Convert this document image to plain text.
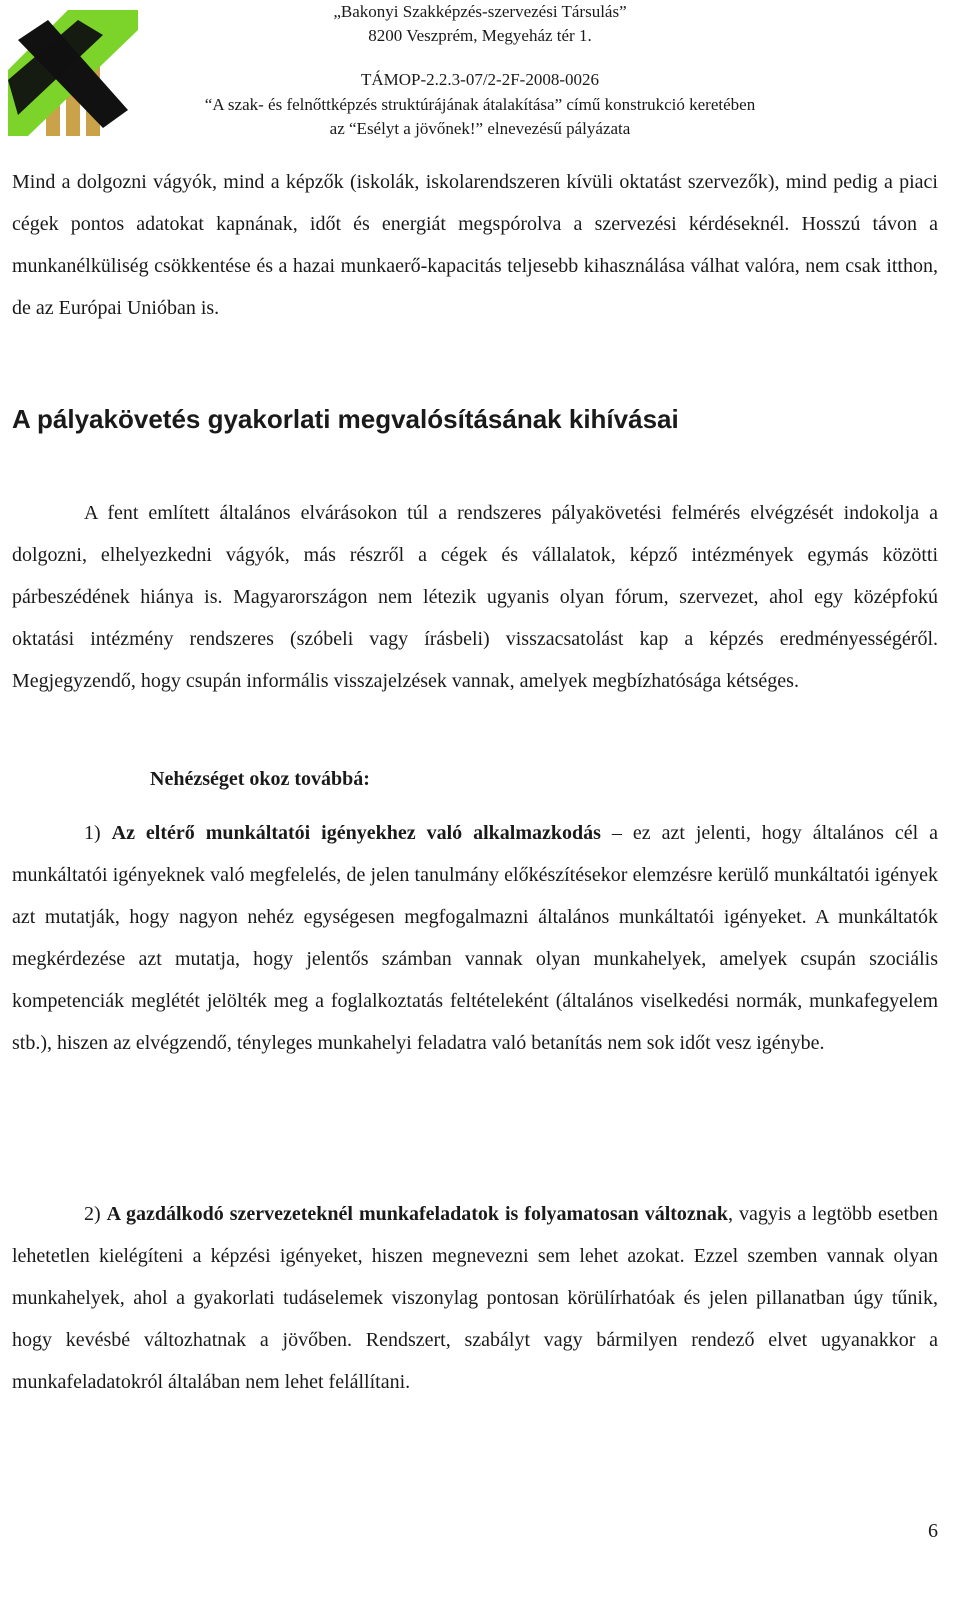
„Bakonyi Szakképzés-szervezési Társulás”
8200 Veszprém, Megyeház tér 1.
TÁMOP-2.2.3-07/2-2F-2008-0026
“A szak- és felnőttképzés struktúrájának átalakítása” című konstrukció keretében
az “Esélyt a jövőnek!” elnevezésű pályázata

Mind a dolgozni vágyók, mind a képzők (iskolák, iskolarendszeren kívüli oktatást szervezők), mind pedig a piaci cégek pontos adatokat kapnának, időt és energiát megspórolva a szervezési kérdéseknél. Hosszú távon a munkanélküliség csökkentése és a hazai munkaerő-kapacitás teljesebb kihasználása válhat valóra, nem csak itthon, de az Európai Unióban is.

A pályakövetés gyakorlati megvalósításának kihívásai

A fent említett általános elvárásokon túl a rendszeres pályakövetési felmérés elvégzését indokolja a dolgozni, elhelyezkedni vágyók, más részről a cégek és vállalatok, képző intézmények egymás közötti párbeszédének hiánya is. Magyarországon nem létezik ugyanis olyan fórum, szervezet, ahol egy középfokú oktatási intézmény rendszeres (szóbeli vagy írásbeli) visszacsatolást kap a képzés eredményességéről. Megjegyzendő, hogy csupán informális visszajelzések vannak, amelyek megbízhatósága kétséges.

Nehézséget okoz továbbá:

1) Az eltérő munkáltatói igényekhez való alkalmazkodás – ez azt jelenti, hogy általános cél a munkáltatói igényeknek való megfelelés, de jelen tanulmány előkészítésekor elemzésre kerülő munkáltatói igények azt mutatják, hogy nagyon nehéz egységesen megfogalmazni általános munkáltatói igényeket. A munkáltatók megkérdezése azt mutatja, hogy jelentős számban vannak olyan munkahelyek, amelyek csupán szociális kompetenciák meglétét jelölték meg a foglalkoztatás feltételeként (általános viselkedési normák, munkafegyelem stb.), hiszen az elvégzendő, tényleges munkahelyi feladatra való betanítás nem sok időt vesz igénybe.

2) A gazdálkodó szervezeteknél munkafeladatok is folyamatosan változnak, vagyis a legtöbb esetben lehetetlen kielégíteni a képzési igényeket, hiszen megnevezni sem lehet azokat. Ezzel szemben vannak olyan munkahelyek, ahol a gyakorlati tudáselemek viszonylag pontosan körülírhatóak és jelen pillanatban úgy tűnik, hogy kevésbé változhatnak a jövőben. Rendszert, szabályt vagy bármilyen rendező elvet ugyanakkor a munkafeladatokról általában nem lehet felállítani.

6
